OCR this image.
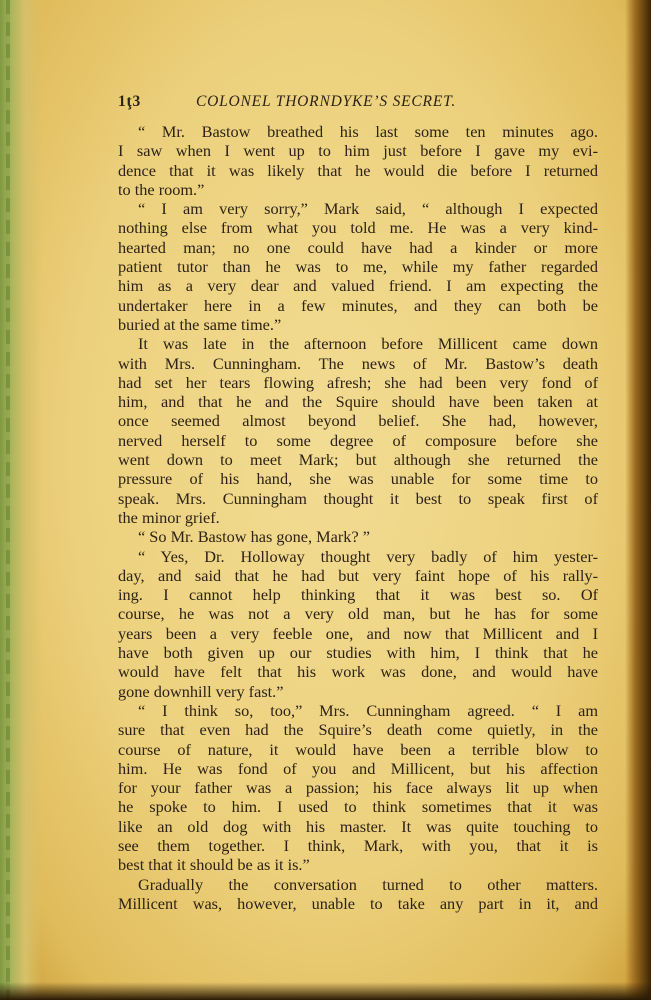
1ţ3	COLONEL THORNDYKE’S SECRET.
“ Mr. Bastow breathed his last some ten minutes ago.
I saw when I went up to him just before I gave my evi-
dence that it was likely that he would die before I returned
to the room.”
“ I am very sorry,” Mark said, “ although I expected
nothing else from what you told me. He was a very kind-
hearted man; no one could have had a kinder or more
patient tutor than he was to me, while my father regarded
him as a very dear and valued friend. I am expecting the
undertaker here in a few minutes, and they can both be
buried at the same time.”
It was late in the afternoon before Millicent came down
with Mrs. Cunningham. The news of Mr. Bastow’s death
had set her tears flowing afresh; she had been very fond of
him, and that he and the Squire should have been taken at
once seemed almost beyond belief. She had, however,
nerved herself to some degree of composure before she
went down to meet Mark; but although she returned the
pressure of his hand, she was unable for some time to
speak. Mrs. Cunningham thought it best to speak first of
the minor grief.
“ So Mr. Bastow has gone, Mark? ”
“ Yes, Dr. Holloway thought very badly of him yester-
day, and said that he had but very faint hope of his rally-
ing. I cannot help thinking that it was best so. Of
course, he was not a very old man, but he has for some
years been a very feeble one, and now that Millicent and I
have both given up our studies with him, I think that he
would have felt that his work was done, and would have
gone downhill very fast.”
“ I think so, too,” Mrs. Cunningham agreed. “ I am
sure that even had the Squire’s death come quietly, in the
course of nature, it would have been a terrible blow to
him. He was fond of you and Millicent, but his affection
for your father was a passion; his face always lit up when
he spoke to him. I used to think sometimes that it was
like an old dog with his master. It was quite touching to
see them together. I think, Mark, with you, that it is
best that it should be as it is.”
Gradually the conversation turned to other matters.
Millicent was, however, unable to take any part in it, and
